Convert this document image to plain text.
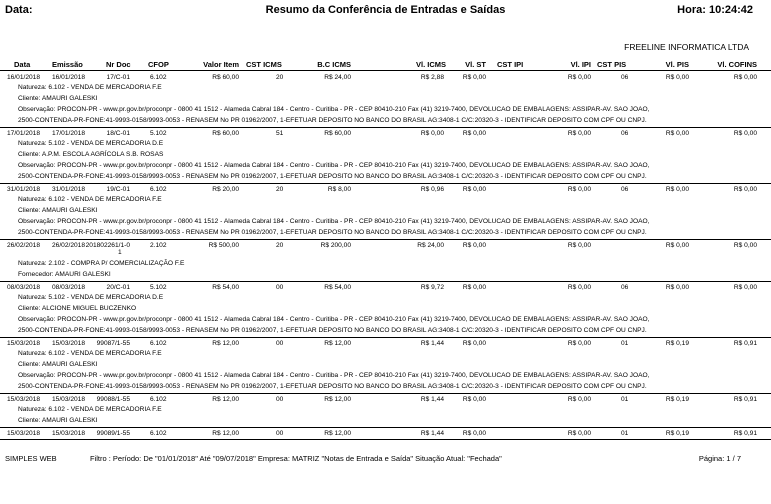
Data:	Resumo da Conferência de Entradas e Saídas	Hora: 10:24:42
FREELINE INFORMATICA LTDA
Data	Emissão	Nr Doc CFOP	Valor Item CST ICMS	B.C ICMS	Vl. ICMS	Vl. ST CST IPI	Vl. IPI CST PIS	Vl. PIS	Vl. COFINS
16/01/2018 16/01/2018	17/C-01	6.102	R$ 60,00	20	R$ 24,00	R$ 2,88	R$ 0,00	R$ 0,00	06	R$ 0,00	R$ 0,00
Natureza: 6.102 - VENDA DE MERCADORIA F.E
Cliente: AMAURI GALESKI
Observação: PROCON-PR - www.pr.gov.br/proconpr - 0800 41 1512 - Alameda Cabral 184 - Centro - Curitiba - PR - CEP 80410-210 Fax (41) 3219-7400, DEVOLUCAO DE EMBALAGENS: ASSIPAR-AV. SAO JOAO,
2500-CONTENDA-PR-FONE:41-9993-0158/9993-0053 - RENASEM No PR 01962/2007, 1-EFETUAR DEPOSITO NO BANCO DO BRASIL AG:3408-1 C/C:20320-3 - IDENTIFICAR DEPOSITO COM CPF OU CNPJ.
17/01/2018 17/01/2018	18/C-01	5.102	R$ 60,00	51	R$ 60,00	R$ 0,00	R$ 0,00	R$ 0,00	06	R$ 0,00	R$ 0,00
Natureza: 5.102 - VENDA DE MERCADORIA D.E
Cliente: A.P.M. ESCOLA AGRÍCOLA S.B. ROSAS
Observação: PROCON-PR - www.pr.gov.br/proconpr - 0800 41 1512 - Alameda Cabral 184 - Centro - Curitiba - PR - CEP 80410-210 Fax (41) 3219-7400, DEVOLUCAO DE EMBALAGENS: ASSIPAR-AV. SAO JOAO,
2500-CONTENDA-PR-FONE:41-9993-0158/9993-0053 - RENASEM No PR 01962/2007, 1-EFETUAR DEPOSITO NO BANCO DO BRASIL AG:3408-1 C/C:20320-3 - IDENTIFICAR DEPOSITO COM CPF OU CNPJ.
31/01/2018 31/01/2018	19/C-01	6.102	R$ 20,00	20	R$ 8,00	R$ 0,96	R$ 0,00	R$ 0,00	06	R$ 0,00	R$ 0,00
Natureza: 6.102 - VENDA DE MERCADORIA F.E
Cliente: AMAURI GALESKI
Observação: PROCON-PR - www.pr.gov.br/proconpr - 0800 41 1512 - Alameda Cabral 184 - Centro - Curitiba - PR - CEP 80410-210 Fax (41) 3219-7400, DEVOLUCAO DE EMBALAGENS: ASSIPAR-AV. SAO JOAO,
2500-CONTENDA-PR-FONE:41-9993-0158/9993-0053 - RENASEM No PR 01962/2007, 1-EFETUAR DEPOSITO NO BANCO DO BRASIL AG:3408-1 C/C:20320-3 - IDENTIFICAR DEPOSITO COM CPF OU CNPJ.
26/02/2018 26/02/2018 201802261/1-0	2.102	R$ 500,00	20	R$ 200,00	R$ 24,00	R$ 0,00	R$ 0,00	R$ 0,00	R$ 0,00
1
Natureza: 2.102 - COMPRA P/ COMERCIALIZAÇÃO F.E
Fornecedor: AMAURI GALESKI
08/03/2018 08/03/2018	20/C-01	5.102	R$ 54,00	00	R$ 54,00	R$ 9,72	R$ 0,00	R$ 0,00	06	R$ 0,00	R$ 0,00
Natureza: 5.102 - VENDA DE MERCADORIA D.E
Cliente: ALCIONE MIGUEL BUCZENKO
Observação: PROCON-PR - www.pr.gov.br/proconpr - 0800 41 1512 - Alameda Cabral 184 - Centro - Curitiba - PR - CEP 80410-210 Fax (41) 3219-7400, DEVOLUCAO DE EMBALAGENS: ASSIPAR-AV. SAO JOAO,
2500-CONTENDA-PR-FONE:41-9993-0158/9993-0053 - RENASEM No PR 01962/2007, 1-EFETUAR DEPOSITO NO BANCO DO BRASIL AG:3408-1 C/C:20320-3 - IDENTIFICAR DEPOSITO COM CPF OU CNPJ.
15/03/2018 15/03/2018 99087/1-55	6.102	R$ 12,00	00	R$ 12,00	R$ 1,44	R$ 0,00	R$ 0,00	01	R$ 0,19	R$ 0,91
Natureza: 6.102 - VENDA DE MERCADORIA F.E
Cliente: AMAURI GALESKI
Observação: PROCON-PR - www.pr.gov.br/proconpr - 0800 41 1512 - Alameda Cabral 184 - Centro - Curitiba - PR - CEP 80410-210 Fax (41) 3219-7400, DEVOLUCAO DE EMBALAGENS: ASSIPAR-AV. SAO JOAO,
2500-CONTENDA-PR-FONE:41-9993-0158/9993-0053 - RENASEM No PR 01962/2007, 1-EFETUAR DEPOSITO NO BANCO DO BRASIL AG:3408-1 C/C:20320-3 - IDENTIFICAR DEPOSITO COM CPF OU CNPJ.
15/03/2018 15/03/2018 99088/1-55	6.102	R$ 12,00	00	R$ 12,00	R$ 1,44	R$ 0,00	R$ 0,00	01	R$ 0,19	R$ 0,91
Natureza: 6.102 - VENDA DE MERCADORIA F.E
Cliente: AMAURI GALESKI
15/03/2018 15/03/2018 99089/1-55	6.102	R$ 12,00	00	R$ 12,00	R$ 1,44	R$ 0,00	R$ 0,00	01	R$ 0,19	R$ 0,91
SIMPLES WEB	Filtro : Período: De "01/01/2018" Até "09/07/2018" Empresa: MATRIZ "Notas de Entrada e Saída" Situação Atual: "Fechada"	Página: 1 / 7
